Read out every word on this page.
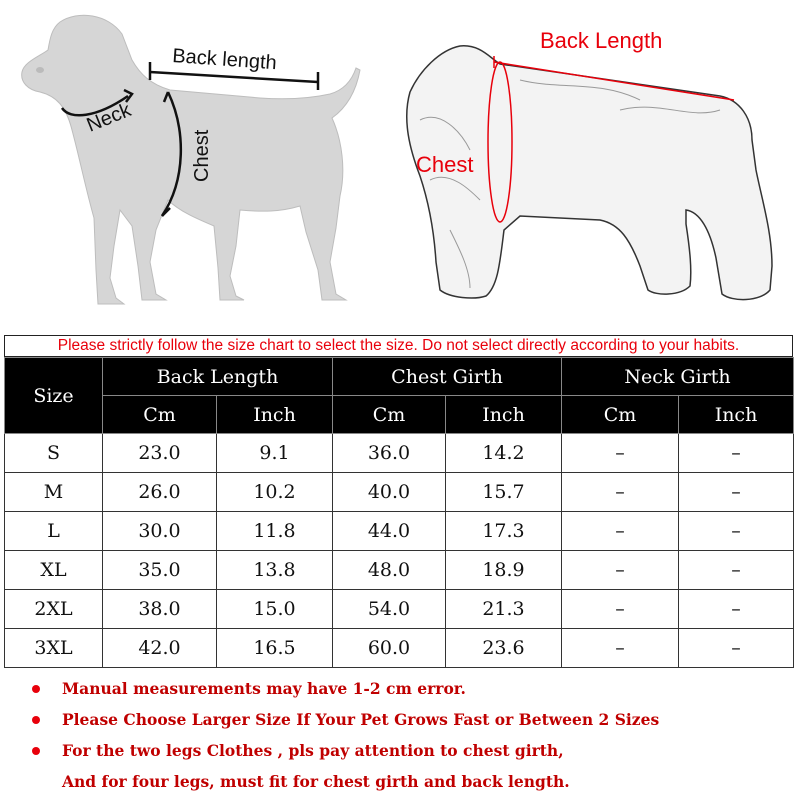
Back length
Neck
Chest
Back Length
Chest
Please strictly follow the size chart to select the size. Do not select directly according to your habits.
Size	Back Length		Chest Girth		Neck Girth	
	Cm	Inch	Cm	Inch	Cm	Inch
S	23.0	9.1	36.0	14.2	–	–
M	26.0	10.2	40.0	15.7	–	–
L	30.0	11.8	44.0	17.3	–	–
XL	35.0	13.8	48.0	18.9	–	–
2XL	38.0	15.0	54.0	21.3	–	–
3XL	42.0	16.5	60.0	23.6	–	–
Manual measurements may have 1-2 cm error.
Please Choose Larger Size If Your Pet Grows Fast or Between 2 Sizes
For the two legs Clothes , pls pay attention to chest girth,
And for four legs, must fit for chest girth and back length.
